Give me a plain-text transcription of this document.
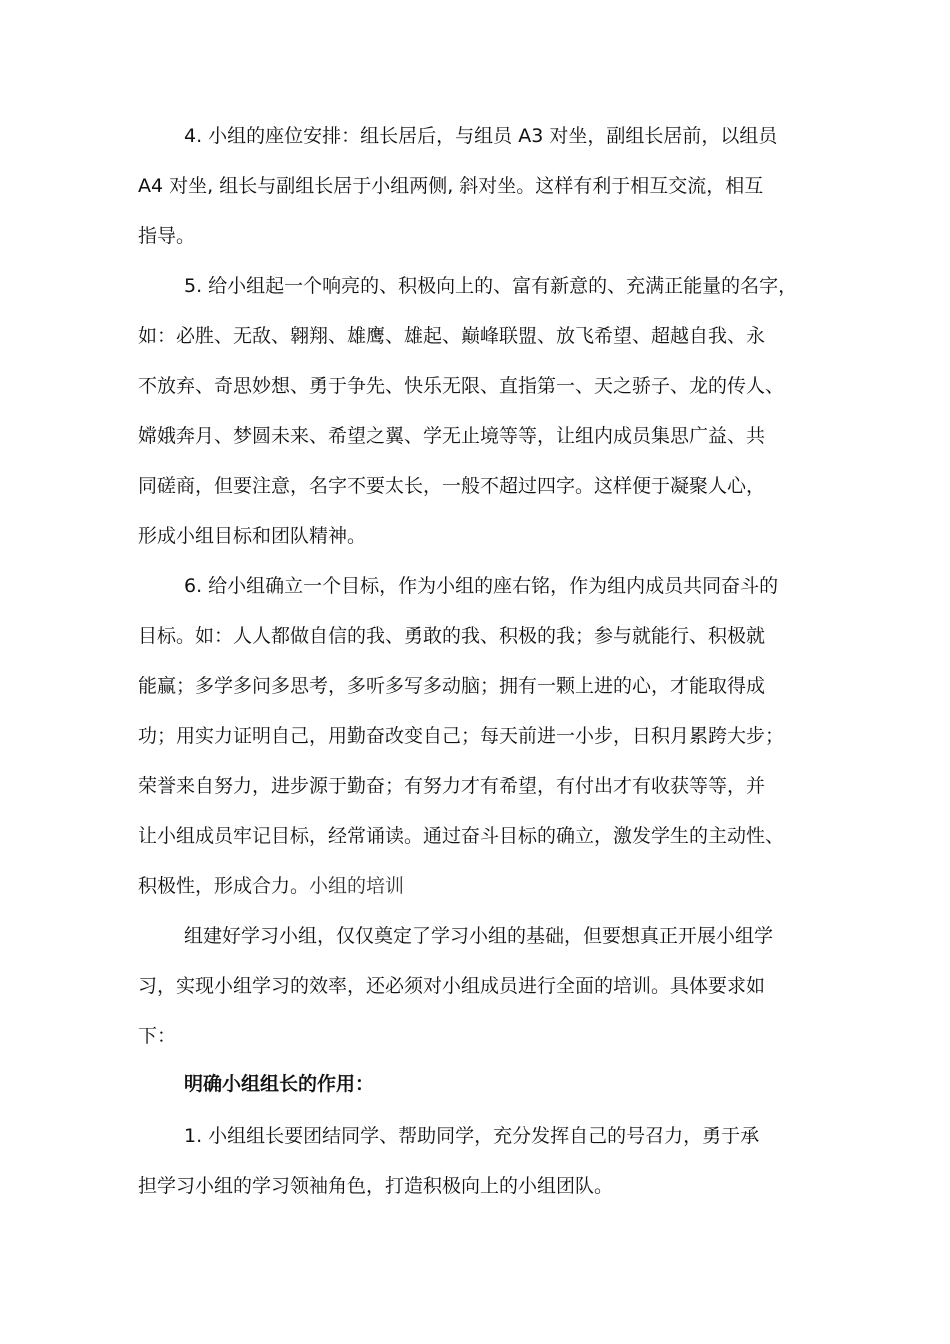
4. 小组的座位安排：组长居后，与组员 A3 对坐，副组长居前，以组员
A4 对坐, 组长与副组长居于小组两侧, 斜对坐。这样有利于相互交流，相互
指导。
5. 给小组起一个响亮的、积极向上的、富有新意的、充满正能量的名字，
如：必胜、无敌、翱翔、雄鹰、雄起、巅峰联盟、放飞希望、超越自我、永
不放弃、奇思妙想、勇于争先、快乐无限、直指第一、天之骄子、龙的传人、
嫦娥奔月、梦圆未来、希望之翼、学无止境等等，让组内成员集思广益、共
同磋商，但要注意，名字不要太长，一般不超过四字。这样便于凝聚人心，
形成小组目标和团队精神。
6. 给小组确立一个目标，作为小组的座右铭，作为组内成员共同奋斗的
目标。如：人人都做自信的我、勇敢的我、积极的我；参与就能行、积极就
能赢；多学多问多思考，多听多写多动脑；拥有一颗上进的心，才能取得成
功；用实力证明自己，用勤奋改变自己；每天前进一小步，日积月累跨大步；
荣誉来自努力，进步源于勤奋；有努力才有希望，有付出才有收获等等，并
让小组成员牢记目标，经常诵读。通过奋斗目标的确立，激发学生的主动性、
积极性，形成合力。小组的培训
组建好学习小组，仅仅奠定了学习小组的基础，但要想真正开展小组学
习，实现小组学习的效率，还必须对小组成员进行全面的培训。具体要求如
下：
明确小组组长的作用：
1. 小组组长要团结同学、帮助同学，充分发挥自己的号召力，勇于承
担学习小组的学习领袖角色，打造积极向上的小组团队。
